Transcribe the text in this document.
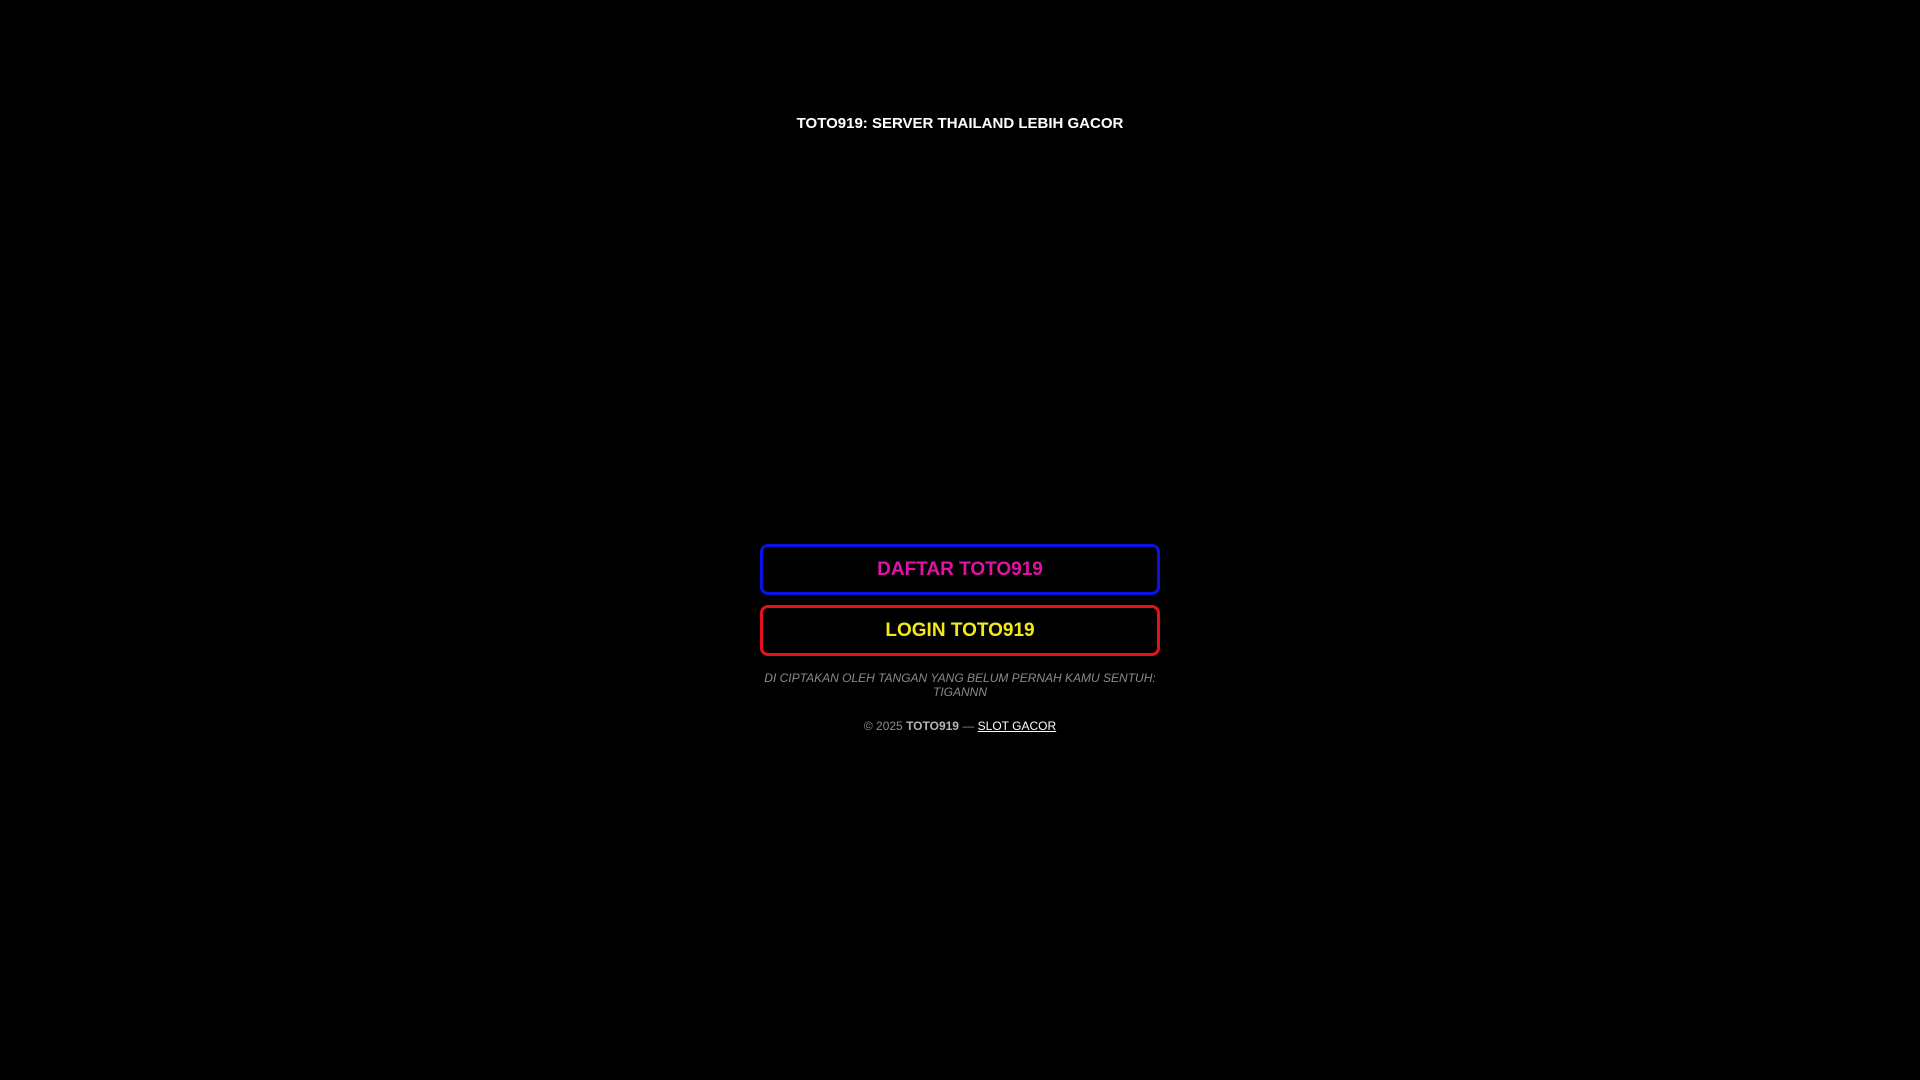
TOTO919: SERVER THAILAND LEBIH GACOR
DAFTAR TOTO919
LOGIN TOTO919

DI CIPTAKAN OLEH TANGAN YANG BELUM PERNAH KAMU SENTUH: TIGANNN

© 2025 TOTO919 — SLOT GACOR
